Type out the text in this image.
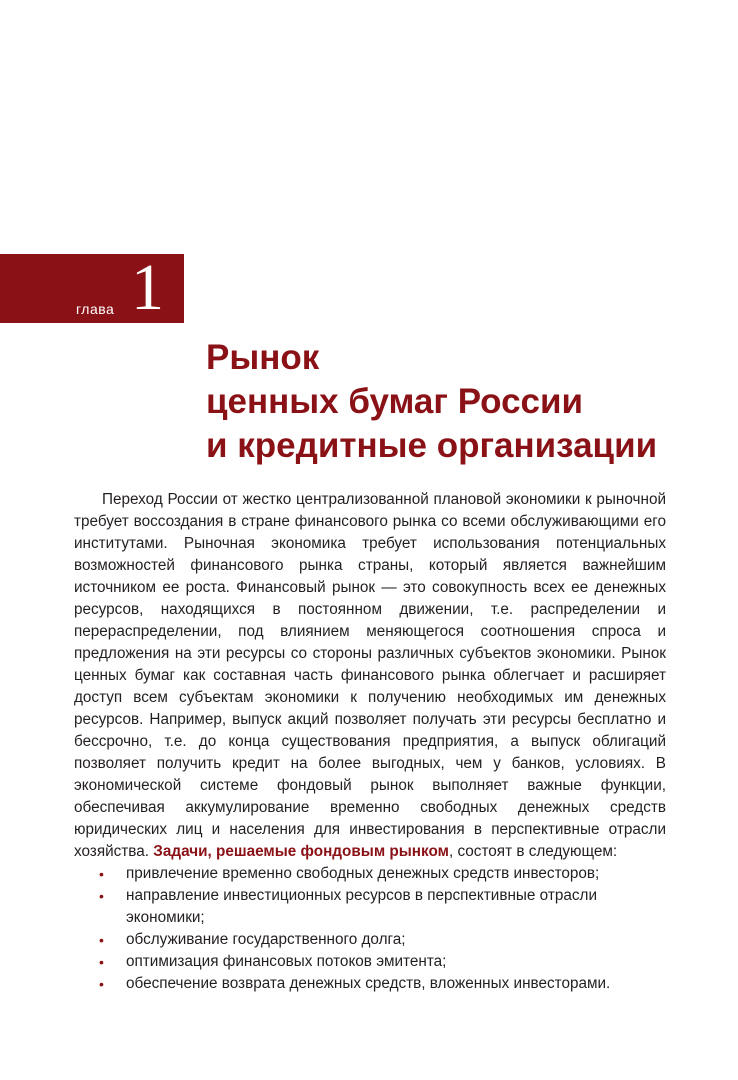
глава 1
Рынок
ценных бумаг России
и кредитные организации

Переход России от жестко централизованной плановой экономики к рыночной требует воссоздания в стране финансового рынка со всеми обслуживающими его институтами. Рыночная экономика требует использования потенциальных возможностей финансового рынка страны, который является важнейшим источником ее роста. Финансовый рынок — это совокупность всех ее денежных ресурсов, находящихся в постоянном движении, т.е. распределении и перераспределении, под влиянием меняющегося соотношения спроса и предложения на эти ресурсы со стороны различных субъектов экономики. Рынок ценных бумаг как составная часть финансового рынка облегчает и расширяет доступ всем субъектам экономики к получению необходимых им денежных ресурсов. Например, выпуск акций позволяет получать эти ресурсы бесплатно и бессрочно, т.е. до конца существования предприятия, а выпуск облигаций позволяет получить кредит на более выгодных, чем у банков, условиях. В экономической системе фондовый рынок выполняет важные функции, обеспечивая аккумулирование временно свободных денежных средств юридических лиц и населения для инвестирования в перспективные отрасли хозяйства. Задачи, решаемые фондовым рынком, состоят в следующем:

• привлечение временно свободных денежных средств инвесторов;
• направление инвестиционных ресурсов в перспективные отрасли экономики;
• обслуживание государственного долга;
• оптимизация финансовых потоков эмитента;
• обеспечение возврата денежных средств, вложенных инвесторами.
